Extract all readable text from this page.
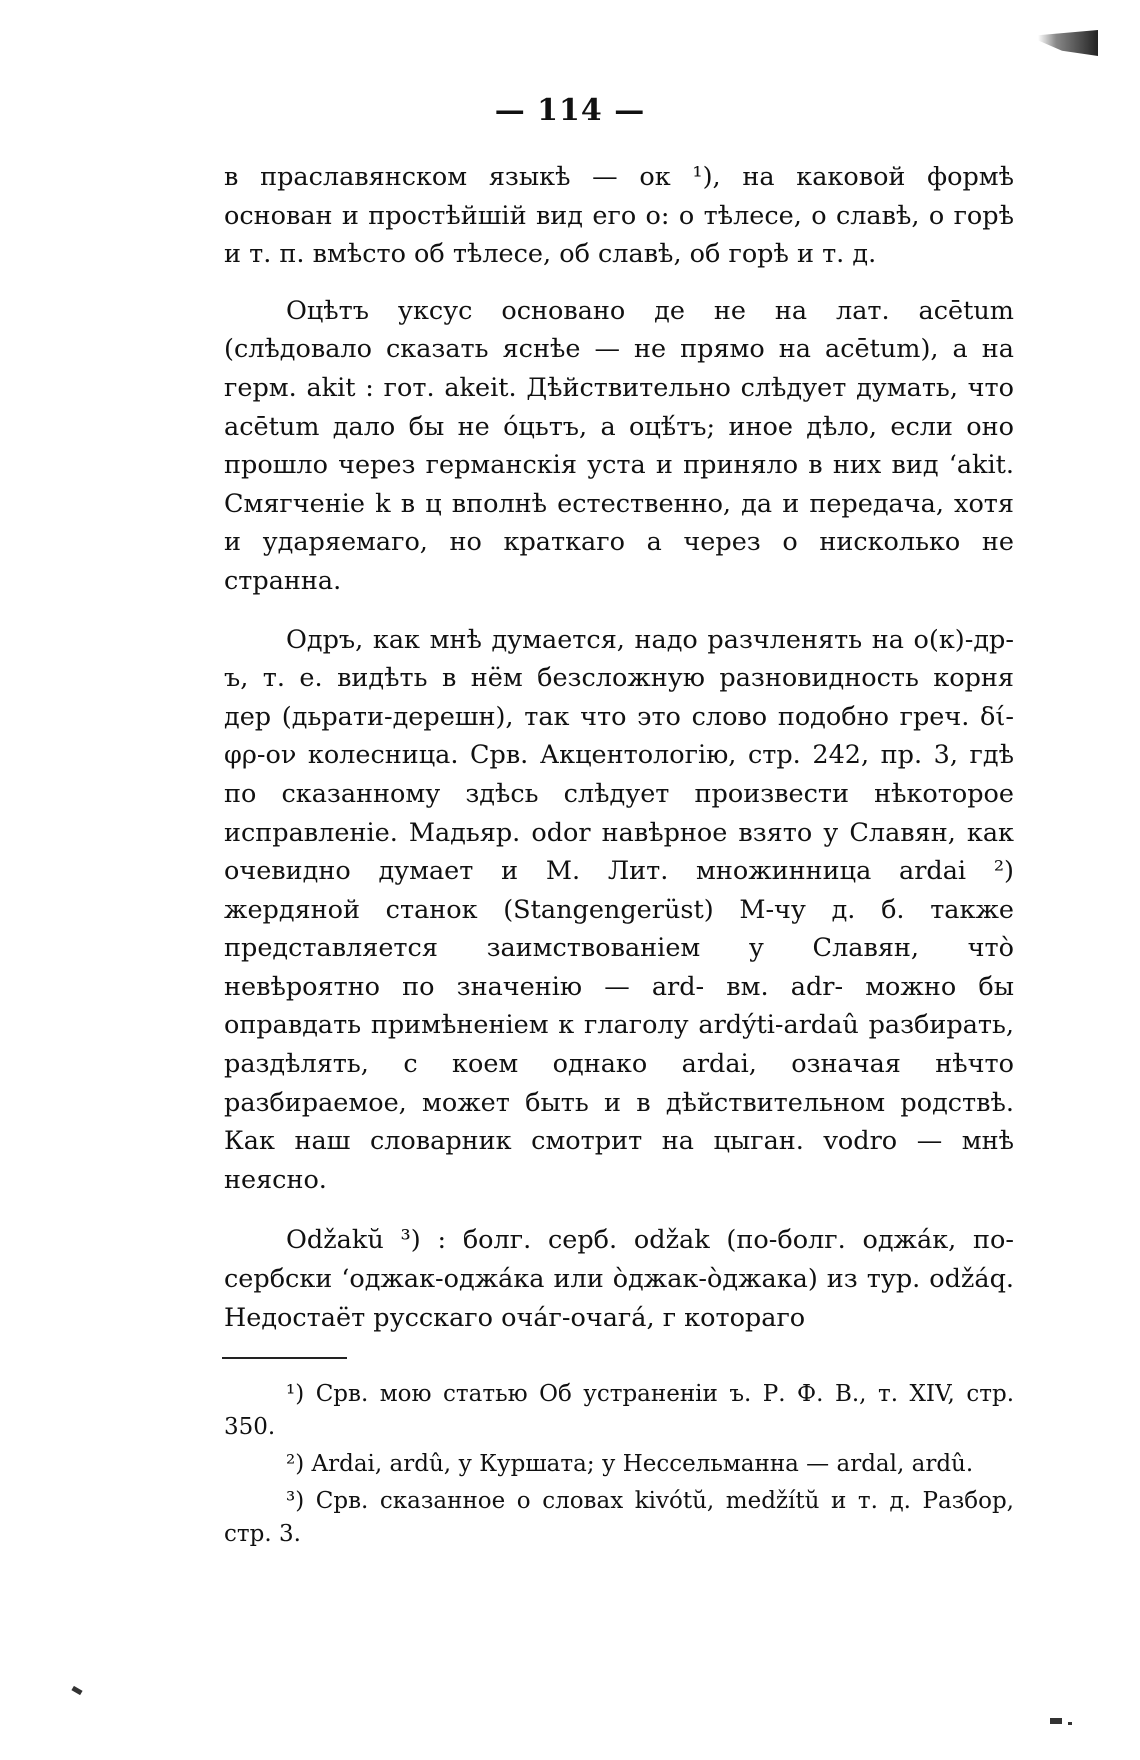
— 114 —

в праславянском языкѣ — ок ¹), на каковой формѣ основан и простѣйшій вид его о: о тѣлесе, о славѣ, о горѣ и т. п. вмѣсто об тѣлесе, об славѣ, об горѣ и т. д.

Оцѣтъ уксус основано де не на лат. acētum (слѣдовало сказать яснѣе — не прямо на acētum), а на герм. akit : гот. akeit. Дѣйствительно слѣдует думать, что acētum дало бы не óцьтъ, а оцѣ́тъ; иное дѣло, если оно прошло через германскія уста и приняло в них вид ‘akit. Смягченіе k в ц вполнѣ естественно, да и передача, хотя и ударяемаго, но краткаго а через о нисколько не странна.

Одръ, как мнѣ думается, надо разчленять на о(к)-др-ъ, т. е. видѣть в нём безсложную разновидность корня дер (дьрати-дерешн), так что это слово подобно греч. δί-φρ-ον колесница. Срв. Акцентологію, стр. 242, пр. 3, гдѣ по сказанному здѣсь слѣдует произвести нѣкоторое исправленіе. Мадьяр. odor навѣрное взято у Славян, как очевидно думает и М. Лит. множинница ardai ²) жердяной станок (Stangengerüst) М-чу д. б. также представляется заимствованіем у Славян, что̀ невѣроятно по значенію — ard- вм. adr- можно бы оправдать примѣненіем к глаголу ardýti-ardaû разбирать, раздѣлять, с коем однако ardai, означая нѣчто разбираемое, может быть и в дѣйствительном родствѣ. Как наш словарник смотрит на цыган. vodro — мнѣ неясно.

Odžakŭ ³) : болг. серб. odžak (по-болг. оджа́к, по-сербски ‘оджак-оджа́ка или о̀джак-о̀джака) из тур. odžáq. Недостаёт русскаго оча́г-очага́, г котораго

¹) Срв. мою статью Об устраненіи ъ. Р. Ф. В., т. XIV, стр. 350.

²) Ardai, ardû, у Куршата; у Нессельманна — ardal, ardû.

³) Срв. сказанное о словах kivótŭ, medžítŭ и т. д. Разбор, стр. 3.
